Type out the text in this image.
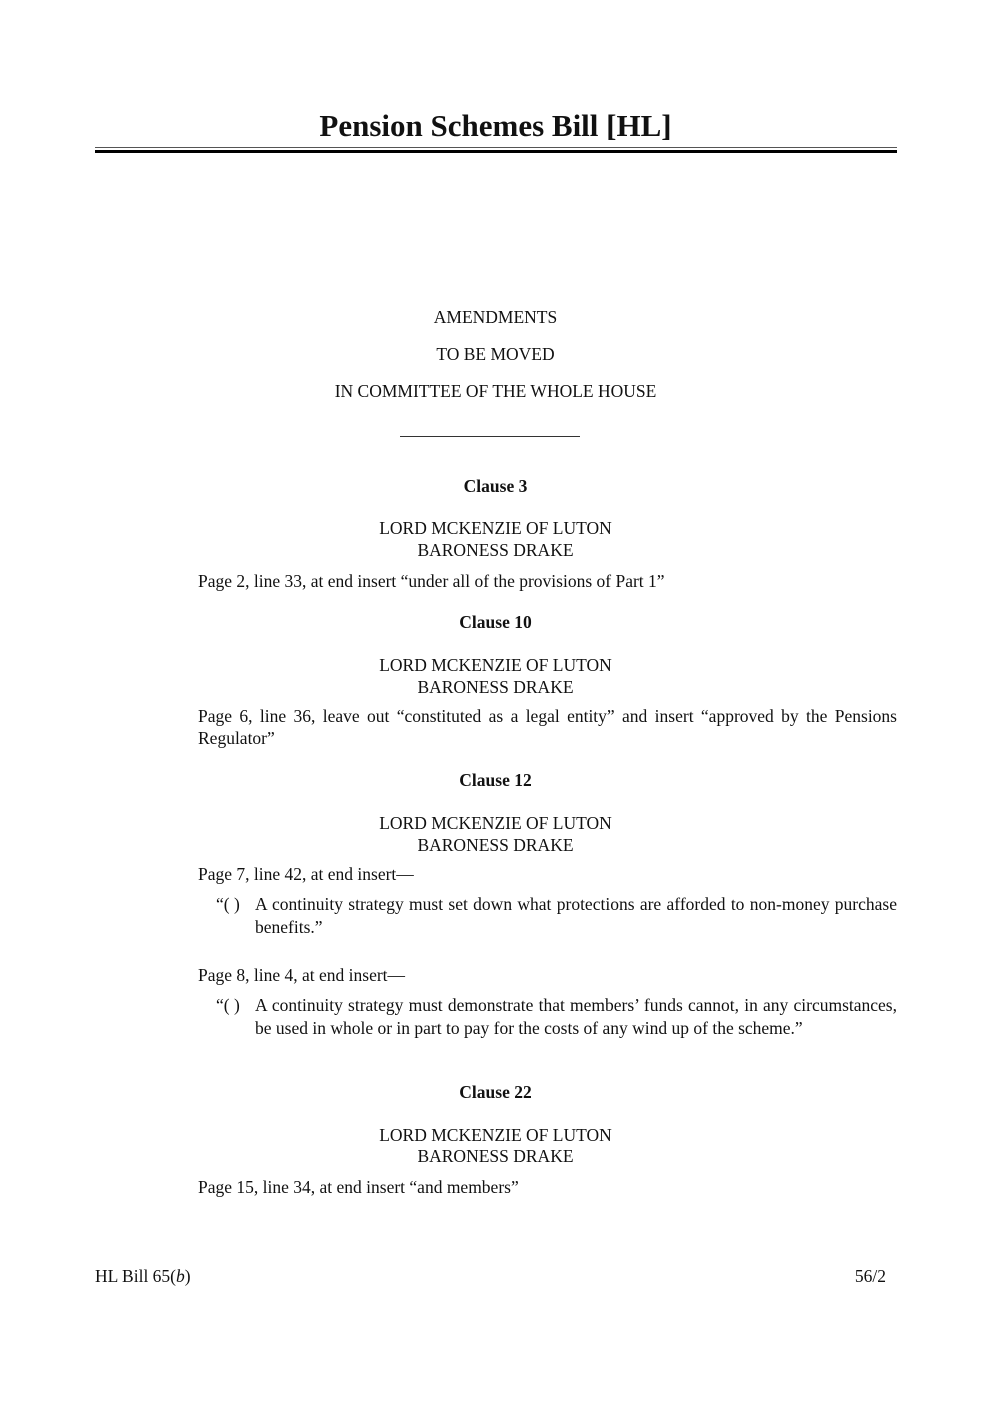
Pension Schemes Bill [HL]
AMENDMENTS
TO BE MOVED
IN COMMITTEE OF THE WHOLE HOUSE
Clause 3
LORD MCKENZIE OF LUTON
BARONESS DRAKE
Page 2, line 33, at end insert “under all of the provisions of Part 1”
Clause 10
LORD MCKENZIE OF LUTON
BARONESS DRAKE
Page 6, line 36, leave out “constituted as a legal entity” and insert “approved by the Pensions Regulator”
Clause 12
LORD MCKENZIE OF LUTON
BARONESS DRAKE
Page 7, line 42, at end insert—
“( ) A continuity strategy must set down what protections are afforded to non-money purchase benefits.”
Page 8, line 4, at end insert—
“( ) A continuity strategy must demonstrate that members’ funds cannot, in any circumstances, be used in whole or in part to pay for the costs of any wind up of the scheme.”
Clause 22
LORD MCKENZIE OF LUTON
BARONESS DRAKE
Page 15, line 34, at end insert “and members”
HL Bill 65(b)	56/2
